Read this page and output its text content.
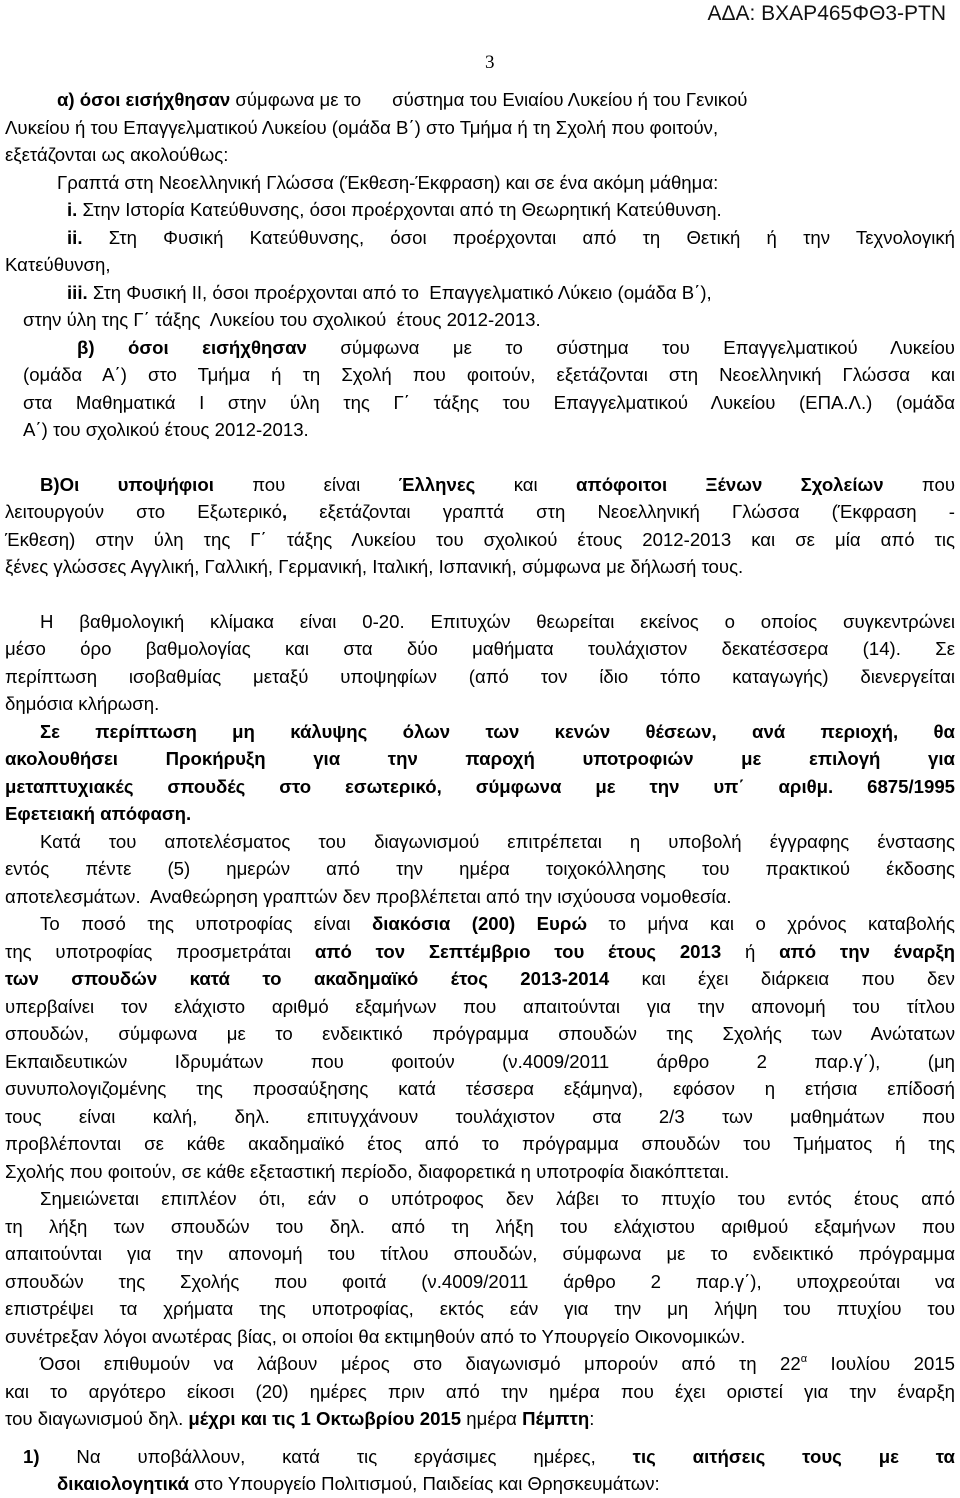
ΑΔΑ: ΒΧΑΡ465ΦΘ3-ΡΤΝ
3
α) όσοι εισήχθησαν σύμφωνα με το      σύστημα του Ενιαίου Λυκείου ή του Γενικού
Λυκείου ή του Επαγγελματικού Λυκείου (ομάδα Β΄) στο Τμήμα ή τη Σχολή που φοιτούν,
εξετάζονται ως ακολούθως:
Γραπτά στη Νεοελληνική Γλώσσα (Έκθεση-Έκφραση) και σε ένα ακόμη μάθημα:
i. Στην Ιστορία Κατεύθυνσης, όσοι προέρχονται από τη Θεωρητική Κατεύθυνση.
ii. Στη Φυσική Κατεύθυνσης, όσοι προέρχονται από τη Θετική ή την Τεχνολογική
Κατεύθυνση,
iii. Στη Φυσική ΙΙ, όσοι προέρχονται από το  Επαγγελματικό Λύκειο (ομάδα Β΄),
στην ύλη της Γ΄ τάξης  Λυκείου του σχολικού  έτους 2012-2013.
β) όσοι εισήχθησαν σύμφωνα με το σύστημα του Επαγγελματικού Λυκείου
(ομάδα Α΄) στο Τμήμα ή τη Σχολή που φοιτούν, εξετάζονται στη Νεοελληνική Γλώσσα και
στα Μαθηματικά Ι στην ύλη της Γ΄ τάξης του Επαγγελματικού Λυκείου (ΕΠΑ.Λ.) (ομάδα
Α΄) του σχολικού έτους 2012-2013.
Β)Οι υποψήφιοι που είναι Έλληνες και απόφοιτοι Ξένων Σχολείων που
λειτουργούν στο Εξωτερικό, εξετάζονται γραπτά στη Νεοελληνική Γλώσσα (Έκφραση -
Έκθεση) στην ύλη της Γ΄ τάξης Λυκείου του σχολικού έτους 2012-2013 και σε μία από τις
ξένες γλώσσες Αγγλική, Γαλλική, Γερμανική, Ιταλική, Ισπανική, σύμφωνα με δήλωσή τους.
Η βαθμολογική κλίμακα είναι 0-20. Επιτυχών θεωρείται εκείνος ο οποίος συγκεντρώνει
μέσο όρο βαθμολογίας και στα δύο μαθήματα τουλάχιστον δεκατέσσερα (14). Σε
περίπτωση ισοβαθμίας μεταξύ υποψηφίων (από τον ίδιο τόπο καταγωγής) διενεργείται
δημόσια κλήρωση.
Σε περίπτωση μη κάλυψης όλων των κενών θέσεων, ανά περιοχή, θα
ακολουθήσει Προκήρυξη για την παροχή υποτροφιών με επιλογή για
μεταπτυχιακές σπουδές στο εσωτερικό, σύμφωνα με την υπ΄ αριθμ. 6875/1995
Εφετειακή απόφαση.
Κατά του αποτελέσματος του διαγωνισμού επιτρέπεται η υποβολή έγγραφης ένστασης
εντός πέντε (5) ημερών από την ημέρα τοιχοκόλλησης του πρακτικού έκδοσης
αποτελεσμάτων.  Αναθεώρηση γραπτών δεν προβλέπεται από την ισχύουσα νομοθεσία.
Το ποσό της υποτροφίας είναι διακόσια (200) Ευρώ το μήνα και ο χρόνος καταβολής
της υποτροφίας προσμετράται από τον Σεπτέμβριο του έτους 2013 ή από την έναρξη
των σπουδών κατά το ακαδημαϊκό έτος 2013-2014 και έχει διάρκεια που δεν
υπερβαίνει τον ελάχιστο αριθμό εξαμήνων που απαιτούνται για την απονομή του τίτλου
σπουδών, σύμφωνα με το ενδεικτικό πρόγραμμα σπουδών της Σχολής των Ανώτατων
Εκπαιδευτικών Ιδρυμάτων που φοιτούν (ν.4009/2011 άρθρο 2 παρ.γ΄), (μη
συνυπολογιζομένης της προσαύξησης κατά τέσσερα εξάμηνα), εφόσον η ετήσια επίδοσή
τους είναι καλή, δηλ. επιτυγχάνουν τουλάχιστον στα 2/3 των μαθημάτων που
προβλέπονται σε κάθε ακαδημαϊκό έτος από το πρόγραμμα σπουδών του Τμήματος ή της
Σχολής που φοιτούν, σε κάθε εξεταστική περίοδο, διαφορετικά η υποτροφία διακόπτεται.
Σημειώνεται επιπλέον ότι, εάν ο υπότροφος δεν λάβει το πτυχίο του εντός έτους από
τη λήξη των σπουδών του δηλ. από τη λήξη του ελάχιστου αριθμού εξαμήνων που
απαιτούνται για την απονομή του τίτλου σπουδών, σύμφωνα με το ενδεικτικό πρόγραμμα
σπουδών της Σχολής που φοιτά (ν.4009/2011 άρθρο 2 παρ.γ΄), υποχρεούται να
επιστρέψει τα χρήματα της υποτροφίας, εκτός εάν για την μη λήψη του πτυχίου του
συνέτρεξαν λόγοι ανωτέρας βίας, οι οποίοι θα εκτιμηθούν από το Υπουργείο Οικονομικών.
Όσοι επιθυμούν να λάβουν μέρος στο διαγωνισμό μπορούν από τη $22^\alpha$ Ιουλίου 2015
και το αργότερο είκοσι (20) ημέρες πριν από την ημέρα που έχει οριστεί για την έναρξη
του διαγωνισμού δηλ. μέχρι και τις 1 Οκτωβρίου 2015 ημέρα Πέμπτη:
1) Να υποβάλλουν, κατά τις εργάσιμες ημέρες, τις αιτήσεις τους με τα
δικαιολογητικά στο Υπουργείο Πολιτισμού, Παιδείας και Θρησκευμάτων:
